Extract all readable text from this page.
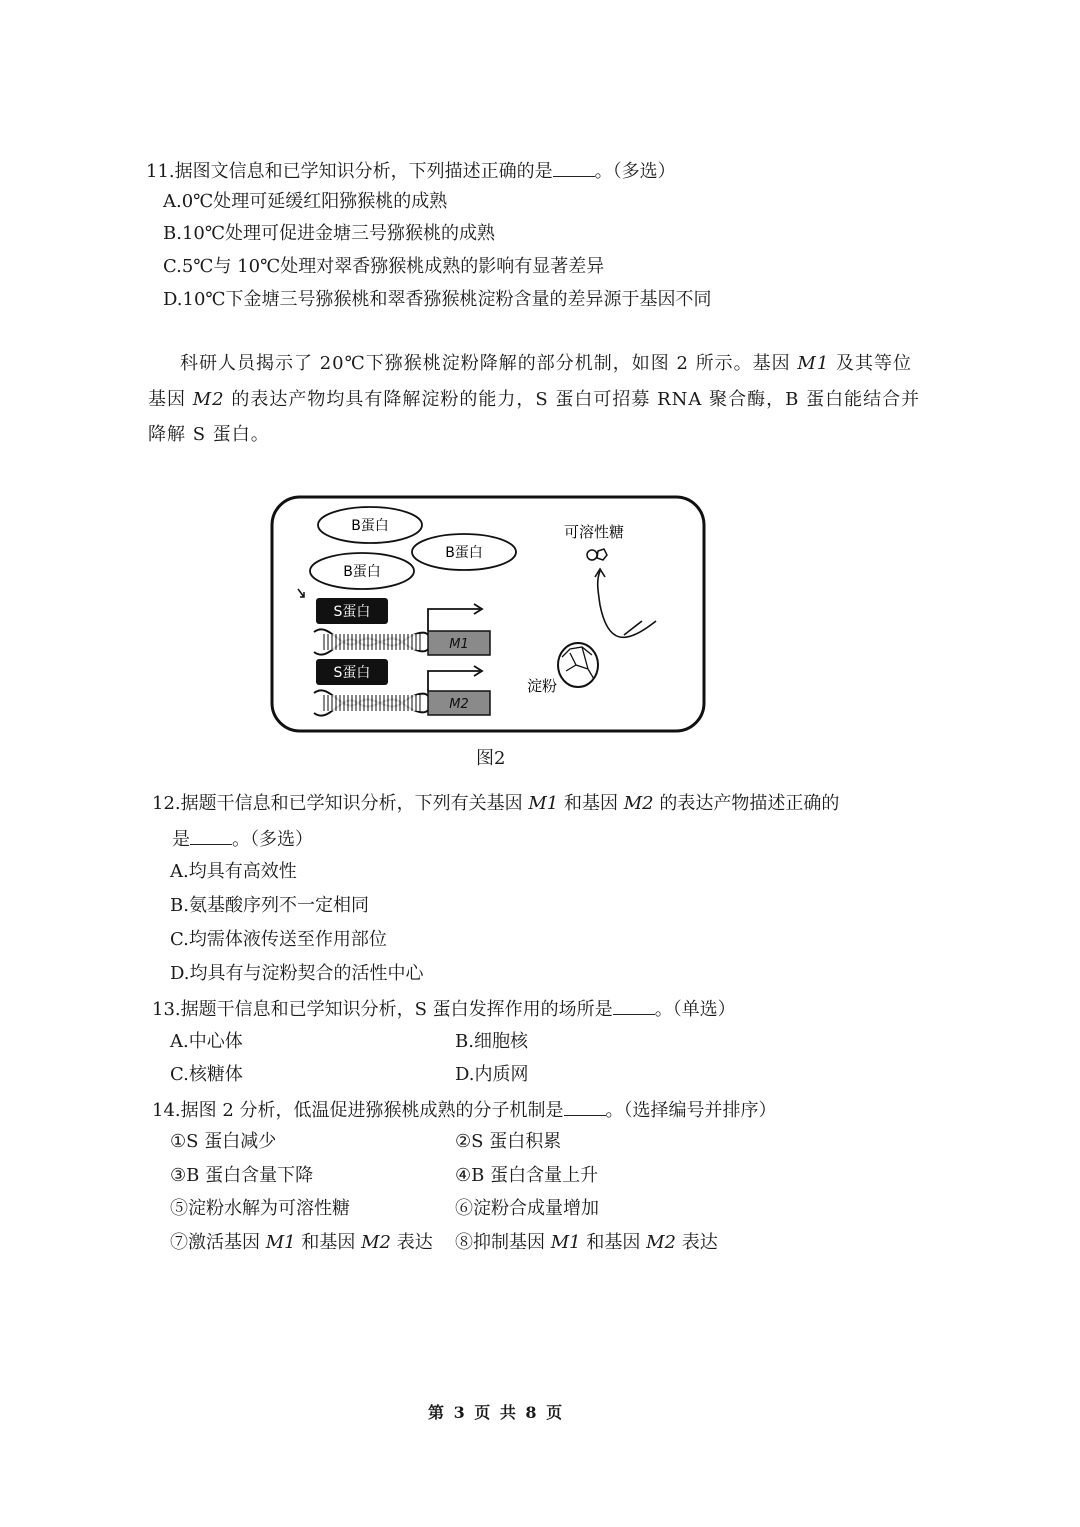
11.据图文信息和已学知识分析，下列描述正确的是 。（多选）
A.0℃处理可延缓红阳猕猴桃的成熟
B.10℃处理可促进金塘三号猕猴桃的成熟
C.5℃与 10℃处理对翠香猕猴桃成熟的影响有显著差异
D.10℃下金塘三号猕猴桃和翠香猕猴桃淀粉含量的差异源于基因不同
科研人员揭示了 20℃下猕猴桃淀粉降解的部分机制，如图 2 所示。基因 M1 及其等位
基因 M2 的表达产物均具有降解淀粉的能力，S 蛋白可招募 RNA 聚合酶，B 蛋白能结合并
降解 S 蛋白。
B蛋白
B蛋白
B蛋白
S蛋白
M1
S蛋白
M2
可溶性糖
淀粉
图2
12.据题干信息和已学知识分析，下列有关基因 M1 和基因 M2 的表达产物描述正确的
是 。（多选）
A.均具有高效性
B.氨基酸序列不一定相同
C.均需体液传送至作用部位
D.均具有与淀粉契合的活性中心
13.据题干信息和已学知识分析，S 蛋白发挥作用的场所是 。（单选）
A.中心体	B.细胞核
C.核糖体	D.内质网
14.据图 2 分析，低温促进猕猴桃成熟的分子机制是 。（选择编号并排序）
①S 蛋白减少	②S 蛋白积累
③B 蛋白含量下降	④B 蛋白含量上升
⑤淀粉水解为可溶性糖	⑥淀粉合成量增加
⑦激活基因 M1 和基因 M2 表达 ⑧抑制基因 M1 和基因 M2 表达
第 3 页 共 8 页
